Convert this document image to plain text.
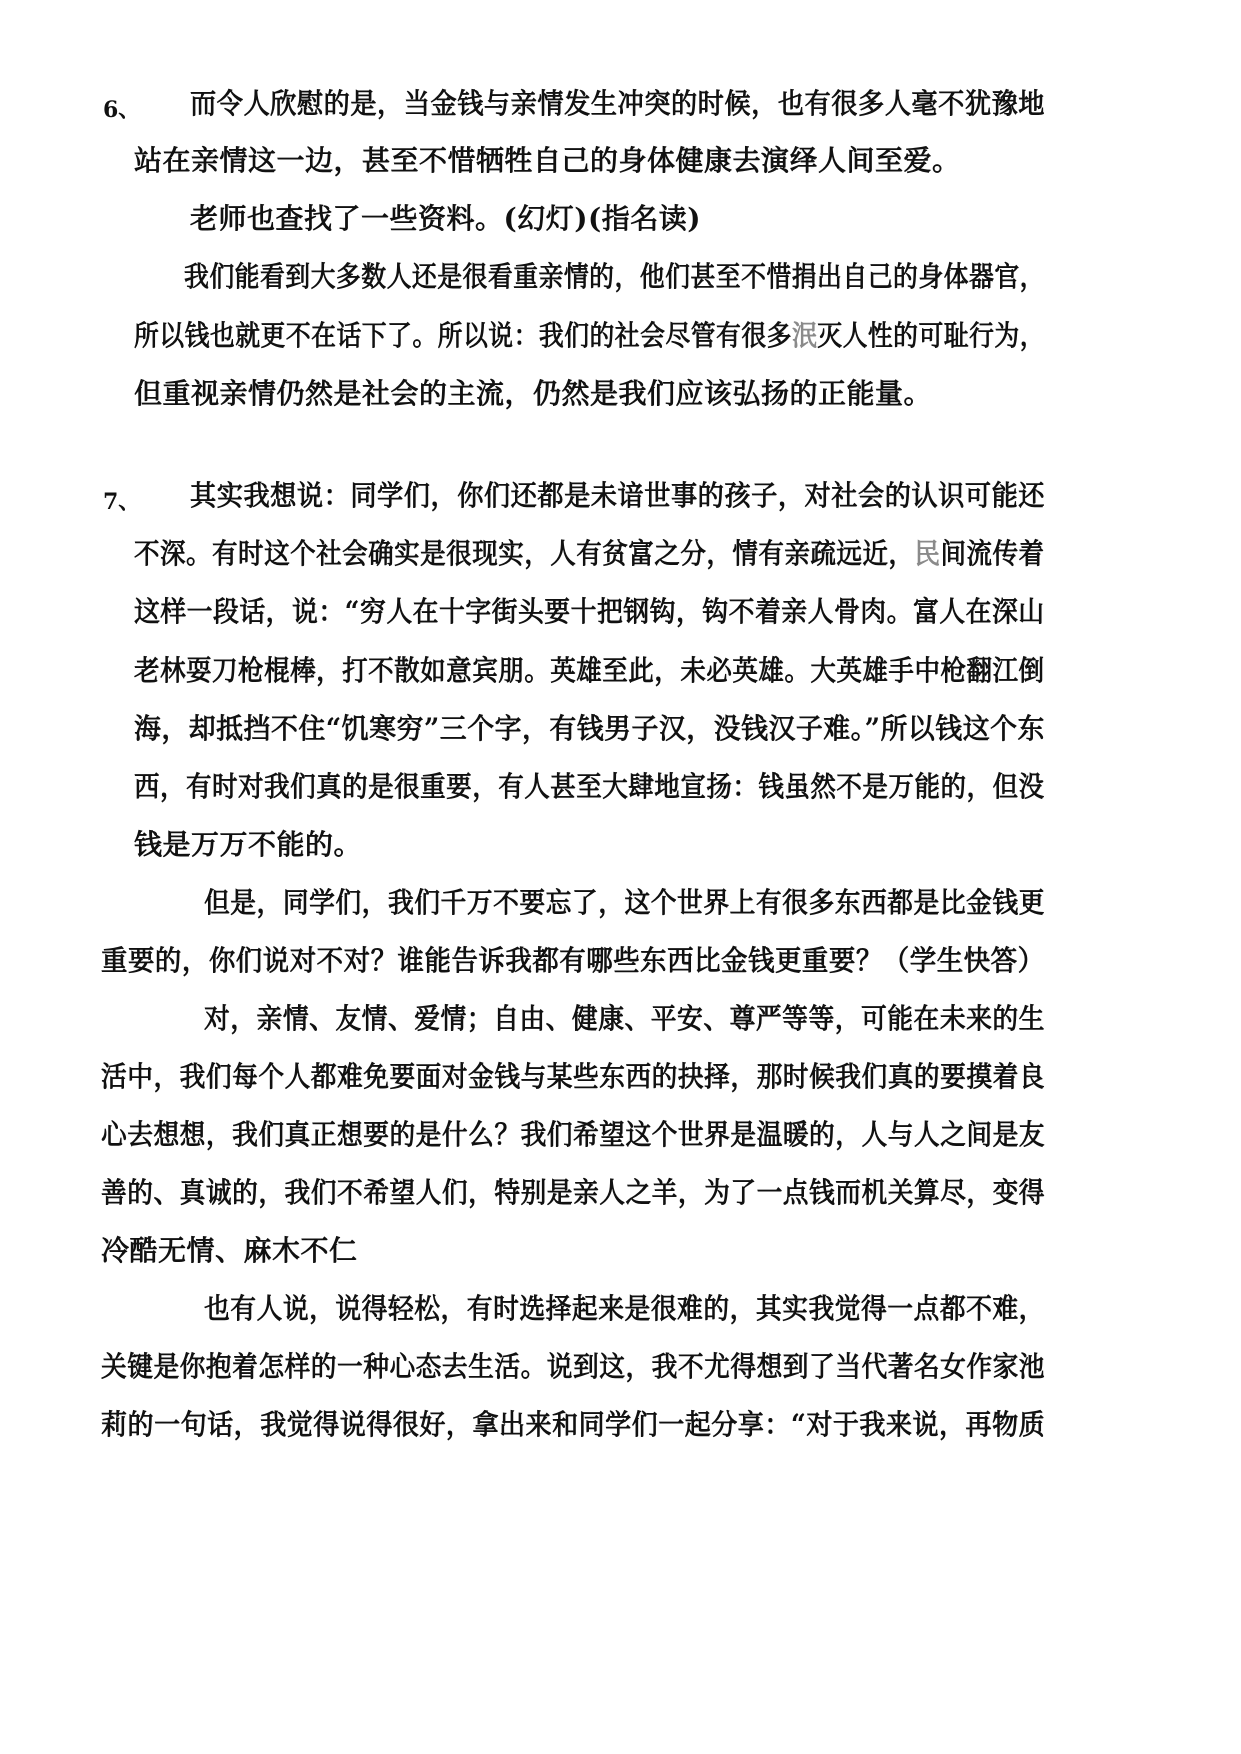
6、 而令人欣慰的是，当金钱与亲情发生冲突的时候，也有很多人毫不犹豫地
站在亲情这一边，甚至不惜牺牲自己的身体健康去演绎人间至爱。
老师也查找了一些资料。(幻灯)(指名读)
我们能看到大多数人还是很看重亲情的，他们甚至不惜捐出自己的身体器官，
所以钱也就更不在话下了。所以说：我们的社会尽管有很多泯灭人性的可耻行为，
但重视亲情仍然是社会的主流，仍然是我们应该弘扬的正能量。
7、 其实我想说：同学们，你们还都是未谙世事的孩子，对社会的认识可能还
不深。有时这个社会确实是很现实，人有贫富之分，情有亲疏远近，民间流传着
这样一段话，说：“穷人在十字街头要十把钢钩，钩不着亲人骨肉。富人在深山
老林耍刀枪棍棒，打不散如意宾朋。英雄至此，未必英雄。大英雄手中枪翻江倒
海，却抵挡不住“饥寒穷”三个字，有钱男子汉，没钱汉子难。”所以钱这个东
西，有时对我们真的是很重要，有人甚至大肆地宣扬：钱虽然不是万能的，但没
钱是万万不能的。
但是，同学们，我们千万不要忘了，这个世界上有很多东西都是比金钱更
重要的，你们说对不对？谁能告诉我都有哪些东西比金钱更重要？（学生快答）
对，亲情、友情、爱情；自由、健康、平安、尊严等等，可能在未来的生
活中，我们每个人都难免要面对金钱与某些东西的抉择，那时候我们真的要摸着良
心去想想，我们真正想要的是什么？我们希望这个世界是温暖的，人与人之间是友
善的、真诚的，我们不希望人们，特别是亲人之羊，为了一点钱而机关算尽，变得
冷酷无情、麻木不仁
也有人说，说得轻松，有时选择起来是很难的，其实我觉得一点都不难，
关键是你抱着怎样的一种心态去生活。说到这，我不尤得想到了当代著名女作家池
莉的一句话，我觉得说得很好，拿出来和同学们一起分享：“对于我来说，再物质
